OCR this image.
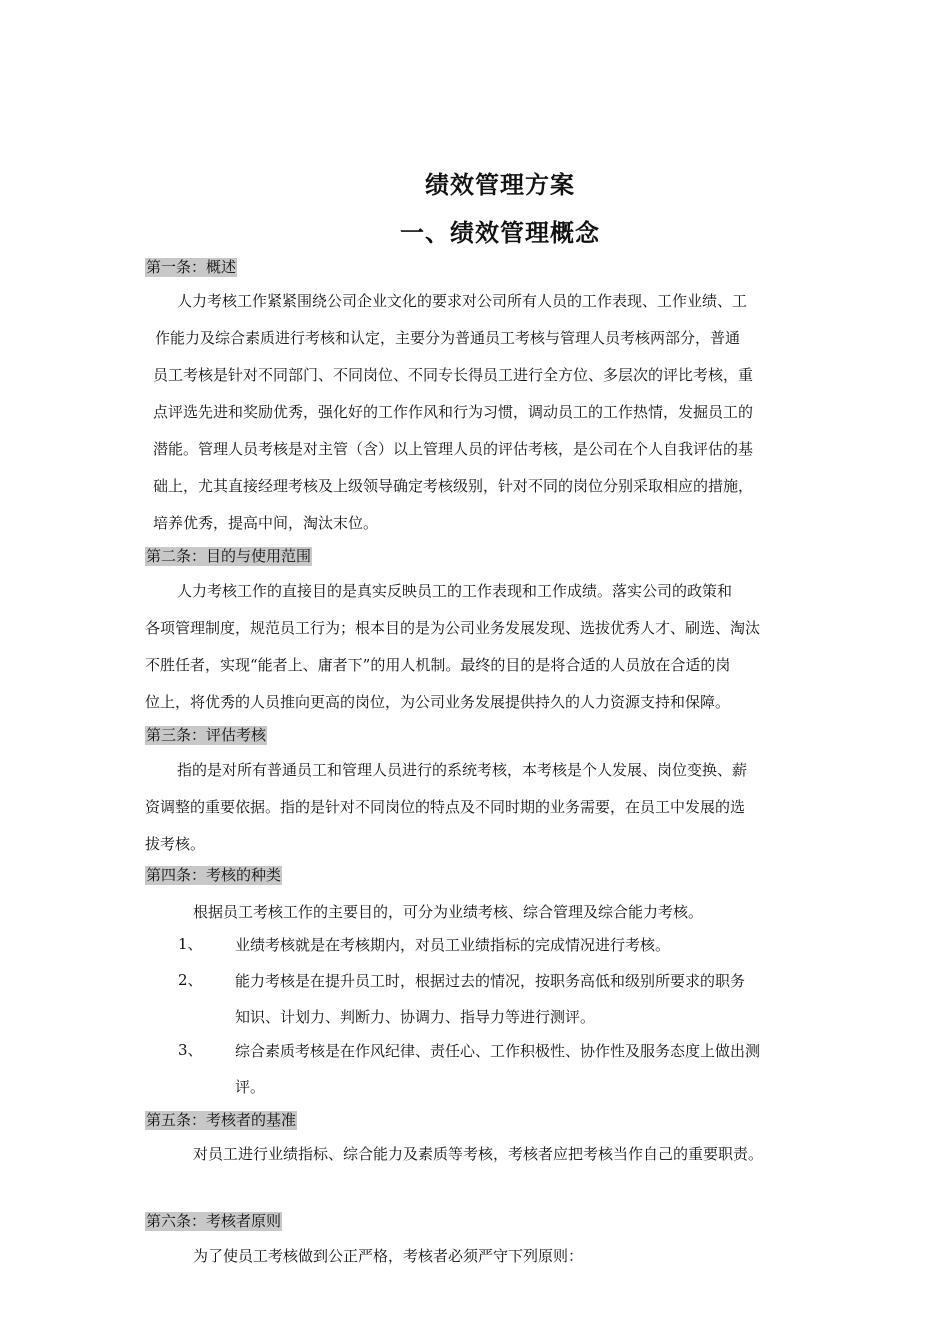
绩效管理方案
一、绩效管理概念
第一条：概述
人力考核工作紧紧围绕公司企业文化的要求对公司所有人员的工作表现、工作业绩、工
作能力及综合素质进行考核和认定，主要分为普通员工考核与管理人员考核两部分，普通
员工考核是针对不同部门、不同岗位、不同专长得员工进行全方位、多层次的评比考核，重
点评选先进和奖励优秀，强化好的工作作风和行为习惯，调动员工的工作热情，发掘员工的
潜能。管理人员考核是对主管（含）以上管理人员的评估考核，是公司在个人自我评估的基
础上，尤其直接经理考核及上级领导确定考核级别，针对不同的岗位分别采取相应的措施，
培养优秀，提高中间，淘汰末位。
第二条：目的与使用范围
人力考核工作的直接目的是真实反映员工的工作表现和工作成绩。落实公司的政策和
各项管理制度，规范员工行为；根本目的是为公司业务发展发现、选拔优秀人才、刷选、淘汰
不胜任者，实现“能者上、庸者下”的用人机制。最终的目的是将合适的人员放在合适的岗
位上，将优秀的人员推向更高的岗位，为公司业务发展提供持久的人力资源支持和保障。
第三条：评估考核
指的是对所有普通员工和管理人员进行的系统考核，本考核是个人发展、岗位变换、薪
资调整的重要依据。指的是针对不同岗位的特点及不同时期的业务需要，在员工中发展的选
拔考核。
第四条：考核的种类
根据员工考核工作的主要目的，可分为业绩考核、综合管理及综合能力考核。
1、 业绩考核就是在考核期内，对员工业绩指标的完成情况进行考核。
2、 能力考核是在提升员工时，根据过去的情况，按职务高低和级别所要求的职务
知识、计划力、判断力、协调力、指导力等进行测评。
3、 综合素质考核是在作风纪律、责任心、工作积极性、协作性及服务态度上做出测
评。
第五条：考核者的基准
对员工进行业绩指标、综合能力及素质等考核，考核者应把考核当作自己的重要职责。
第六条：考核者原则
为了使员工考核做到公正严格，考核者必须严守下列原则：
